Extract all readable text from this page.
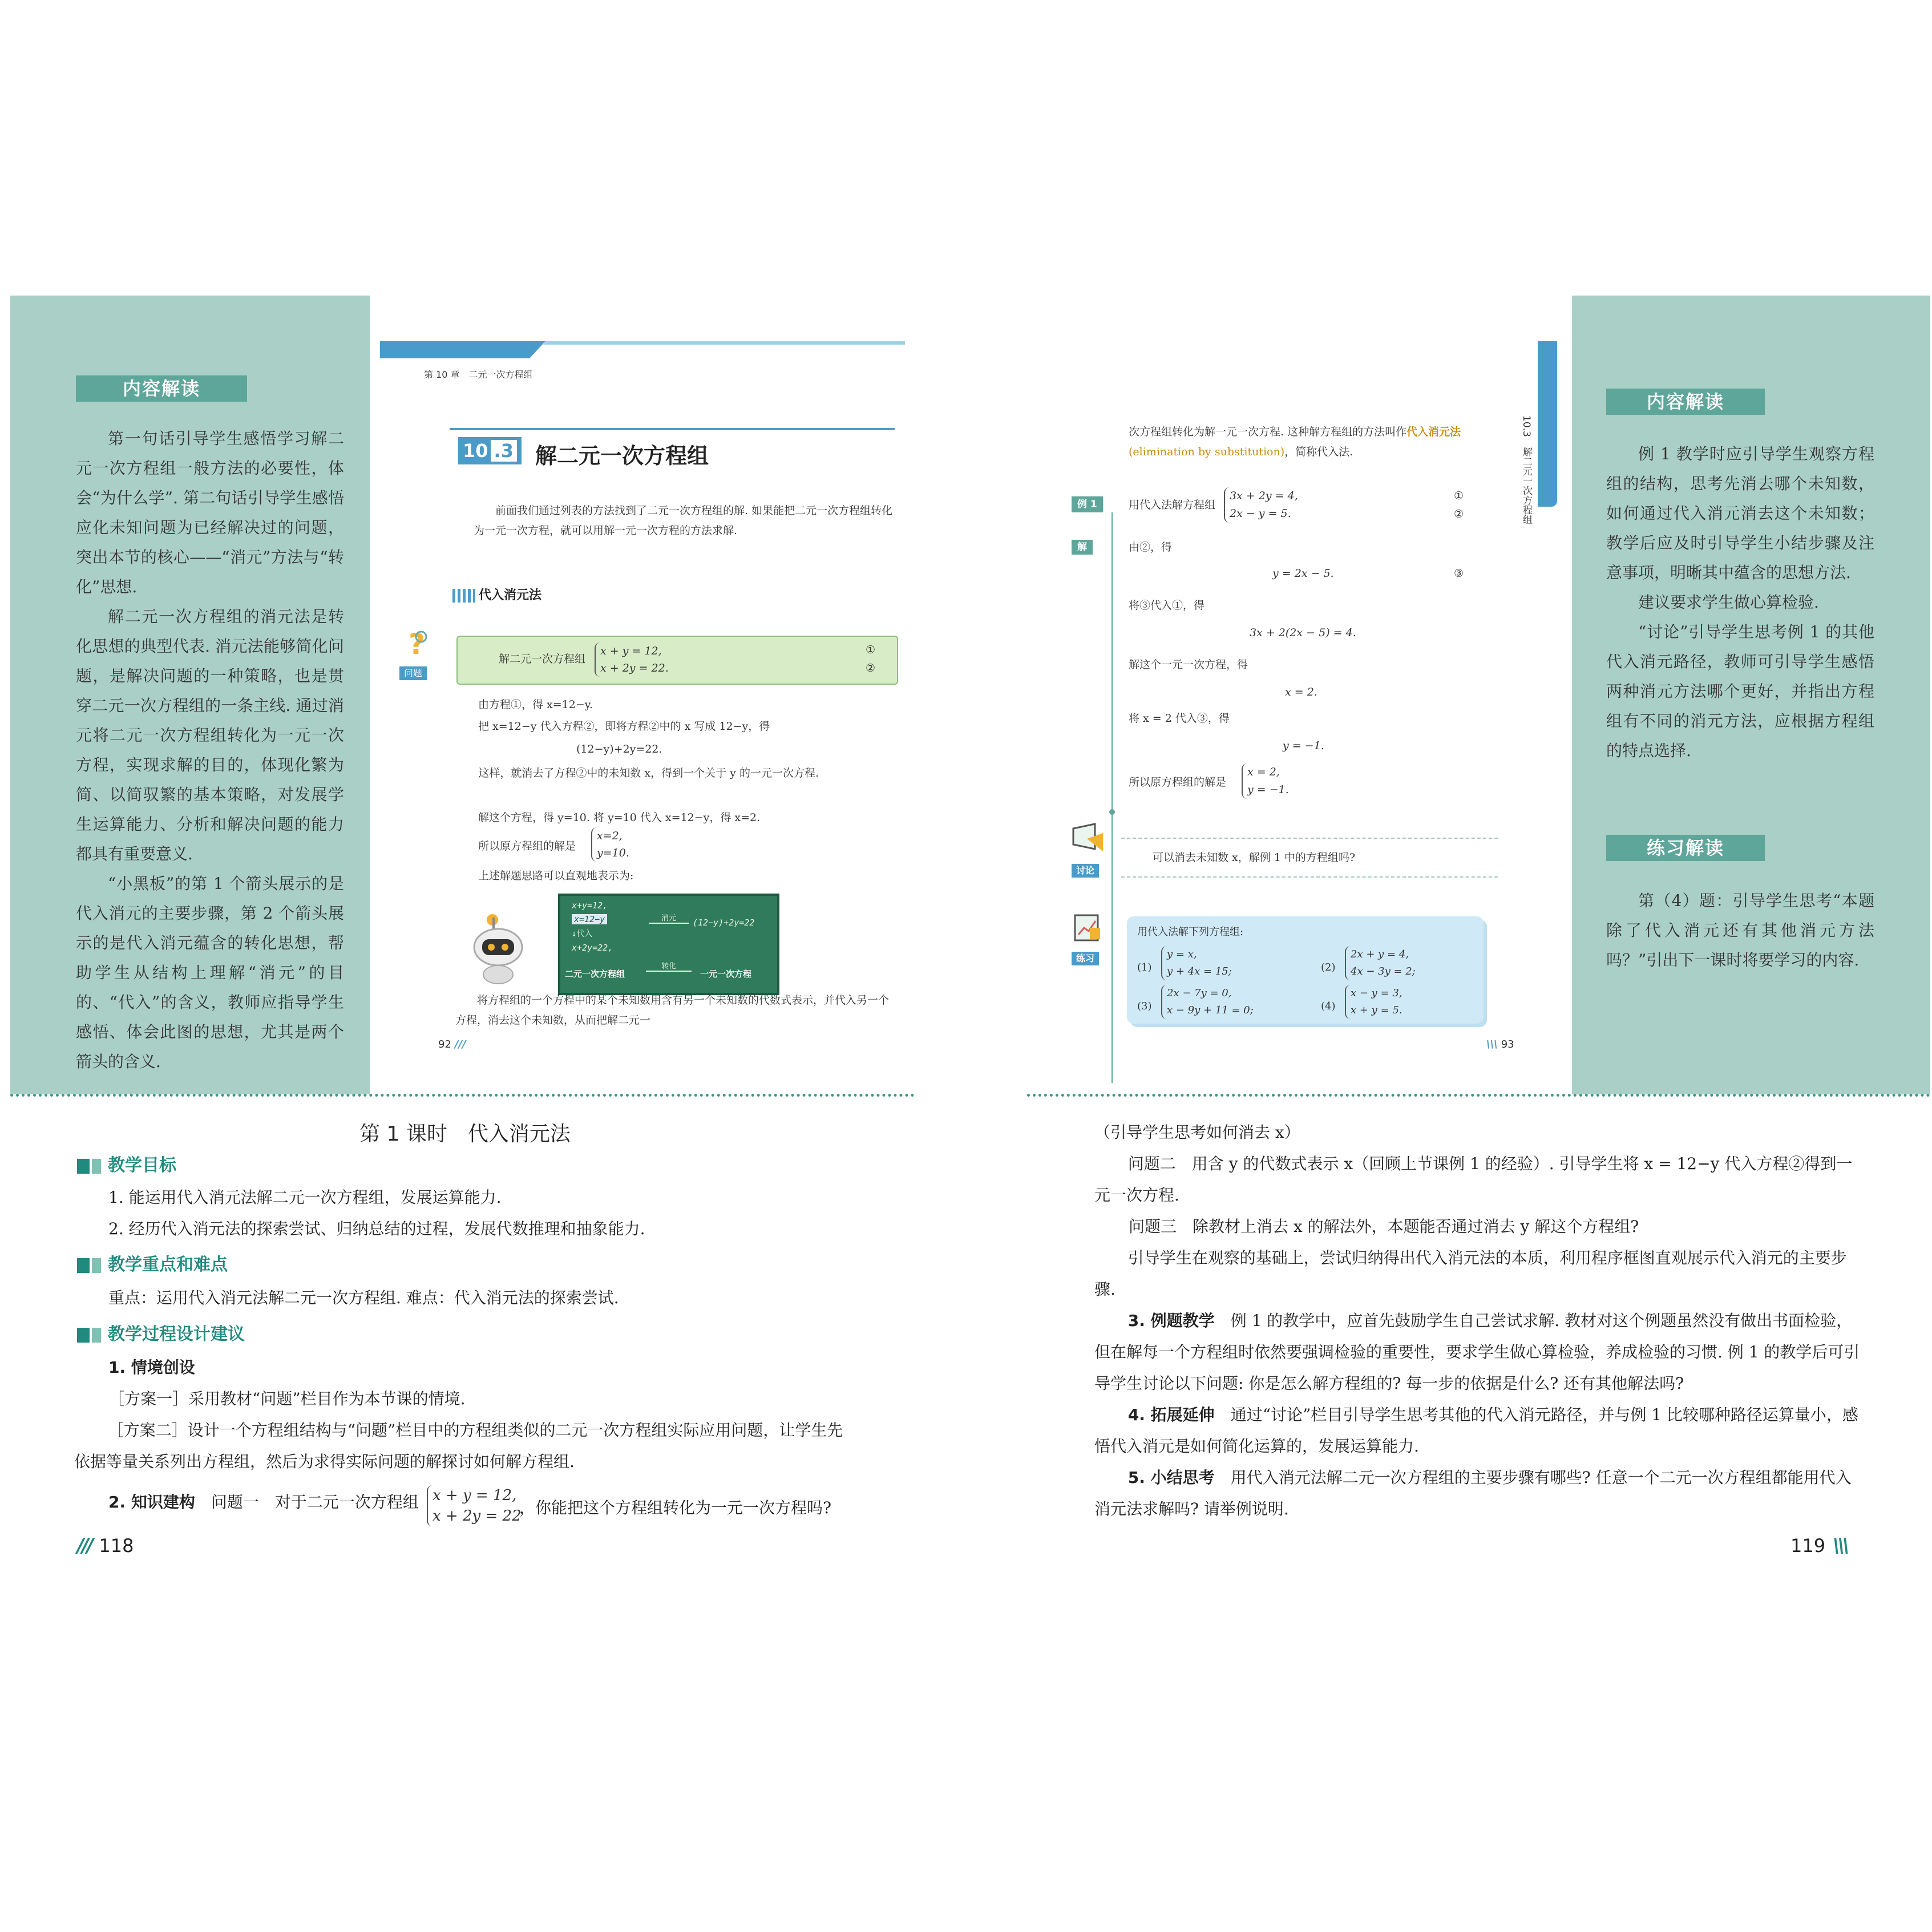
内容解读

第一句话引导学生感悟学习解二元一次方程组一般方法的必要性，体会“为什么学”. 第二句话引导学生感悟应化未知问题为已经解决过的问题，突出本节的核心——“消元”方法与“转化”思想.

解二元一次方程组的消元法是转化思想的典型代表. 消元法能够简化问题，是解决问题的一种策略，也是贯穿二元一次方程组的一条主线. 通过消元将二元一次方程组转化为一元一次方程，实现求解的目的，体现化繁为简、以简驭繁的基本策略，对发展学生运算能力、分析和解决问题的能力都具有重要意义.

“小黑板”的第 1 个箭头展示的是代入消元的主要步骤，第 2 个箭头展示的是代入消元蕴含的转化思想，帮助学生从结构上理解“消元”的目的、“代入”的含义，教师应指导学生感悟、体会此图的思想，尤其是两个箭头的含义.

第 10 章　二元一次方程组
10 .3	解二元一次方程组
前面我们通过列表的方法找到了二元一次方程组的解. 如果能把二元一次方程组转化为一元一次方程，就可以用解一元一次方程的方法求解.
代入消元法
?
问题
解二元一次方程组
x + y = 12,
x + 2y = 22.
①
②
由方程①，得 x=12−y.
把 x=12−y 代入方程②，即将方程②中的 x 写成 12−y，得
(12−y)+2y=22.
这样，就消去了方程②中的未知数 x，得到一个关于 y 的一元一次方程.
解这个方程，得 y=10. 将 y=10 代入 x=12−y，得 x=2.
所以原方程组的解是
x=2,
y=10.
上述解题思路可以直观地表示为:
x+y=12,
x=12−y
↓代入
x+2y=22,
消元	(12−y)+2y=22
二元一次方程组
转化
一元一次方程
将方程组的一个方程中的某个未知数用含有另一个未知数的代数式表示，并代入另一个方程，消去这个未知数，从而把解二元一
92 ///
次方程组转化为解一元一次方程. 这种解方程组的方法叫作代入消元法(elimination by substitution)，简称代入法.
例 1	用代入法解方程组
3x + 2y = 4,
2x − y = 5.
①
②
解	由②，得
y = 2x − 5.	③
将③代入①，得
3x + 2(2x − 5) = 4.
解这个一元一次方程，得
x = 2.
将 x = 2 代入③，得
y = −1.
所以原方程组的解是
x = 2,
y = −1.
讨论
可以消去未知数 x，解例 1 中的方程组吗?
练习
用代入法解下列方程组:
(1)
y = x,
y + 4x = 15;	(2)
2x + y = 4,
4x − 3y = 2;
(3)
2x − 7y = 0,
x − 9y + 11 = 0;	(4)
x − y = 3,
x + y = 5.
10.3　解二元一次方程组
\\\ 93
内容解读

例 1 教学时应引导学生观察方程组的结构，思考先消去哪个未知数，如何通过代入消元消去这个未知数；教学后应及时引导学生小结步骤及注意事项，明晰其中蕴含的思想方法.

建议要求学生做心算检验.

“讨论”引导学生思考例 1 的其他代入消元路径，教师可引导学生感悟两种消元方法哪个更好，并指出方程组有不同的消元方法，应根据方程组的特点选择.

练习解读
第（4）题：引导学生思考“本题除了代入消元还有其他消元方法吗？”引出下一课时将要学习的内容.
第 1 课时　代入消元法
教学目标
1. 能运用代入消元法解二元一次方程组，发展运算能力.
2. 经历代入消元法的探索尝试、归纳总结的过程，发展代数推理和抽象能力.
教学重点和难点
重点：运用代入消元法解二元一次方程组. 难点：代入消元法的探索尝试.
教学过程设计建议
1. 情境创设
［方案一］采用教材“问题”栏目作为本节课的情境.
［方案二］设计一个方程组结构与“问题”栏目中的方程组类似的二元一次方程组实际应用问题，让学生先依据等量关系列出方程组，然后为求得实际问题的解探讨如何解方程组.
2. 知识建构　 问题一　对于二元一次方程组 x + y = 12,
x + 2y = 22
，你能把这个方程组转化为一元一次方程吗?
/// 118
（引导学生思考如何消去 x）
问题二　用含 y 的代数式表示 x（回顾上节课例 1 的经验）. 引导学生将 x = 12−y 代入方程②得到一元一次方程.
问题三　除教材上消去 x 的解法外，本题能否通过消去 y 解这个方程组?
引导学生在观察的基础上，尝试归纳得出代入消元法的本质，利用程序框图直观展示代入消元的主要步骤.
3. 例题教学　 例 1 的教学中，应首先鼓励学生自己尝试求解. 教材对这个例题虽然没有做出书面检验，但在解每一个方程组时依然要强调检验的重要性，要求学生做心算检验，养成检验的习惯. 例 1 的教学后可引导学生讨论以下问题: 你是怎么解方程组的? 每一步的依据是什么? 还有其他解法吗?
4. 拓展延伸　 通过“讨论”栏目引导学生思考其他的代入消元路径，并与例 1 比较哪种路径运算量小，感悟代入消元是如何简化运算的，发展运算能力.
5. 小结思考　 用代入消元法解二元一次方程组的主要步骤有哪些? 任意一个二元一次方程组都能用代入消元法求解吗? 请举例说明.
119 \\\
